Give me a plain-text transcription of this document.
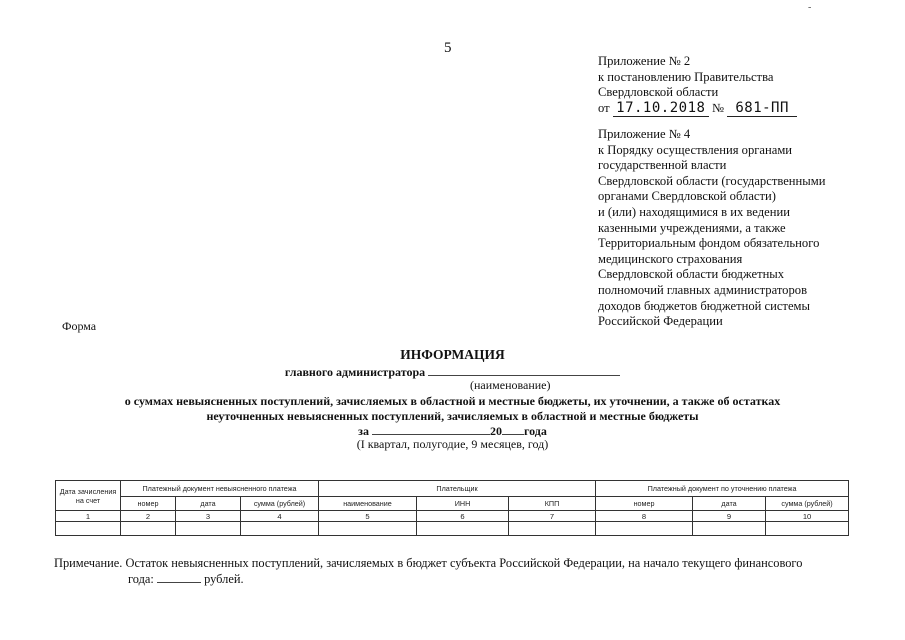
-
5
Приложение № 2
к постановлению Правительства
Свердловской области
от 17.10.2018 № 681-ПП
Приложение № 4
к Порядку осуществления органами
государственной власти
Свердловской области (государственными
органами Свердловской области)
и (или) находящимися в их ведении
казенными учреждениями, а также
Территориальным фондом обязательного
медицинского страхования
Свердловской области бюджетных
полномочий главных администраторов
доходов бюджетов бюджетной системы
Российской Федерации
Форма
ИНФОРМАЦИЯ
главного администратора
(наименование)
о суммах невыясненных поступлений, зачисляемых в областной и местные бюджеты, их уточнении, а также об остатках
неуточненных невыясненных поступлений, зачисляемых в областной и местные бюджеты
за	20 года
(I квартал, полугодие, 9 месяцев, год)
Дата зачисления на счет	Платежный документ невыясненного платежа			Плательщик			Платежный документ по уточнению платежа		
	номер	дата	сумма (рублей)	наименование	ИНН	КПП	номер	дата	сумма (рублей)
1	2	3	4	5	6	7	8	9	10

Примечание. Остаток невыясненных поступлений, зачисляемых в бюджет субъекта Российской Федерации, на начало текущего финансового
года:	рублей.
